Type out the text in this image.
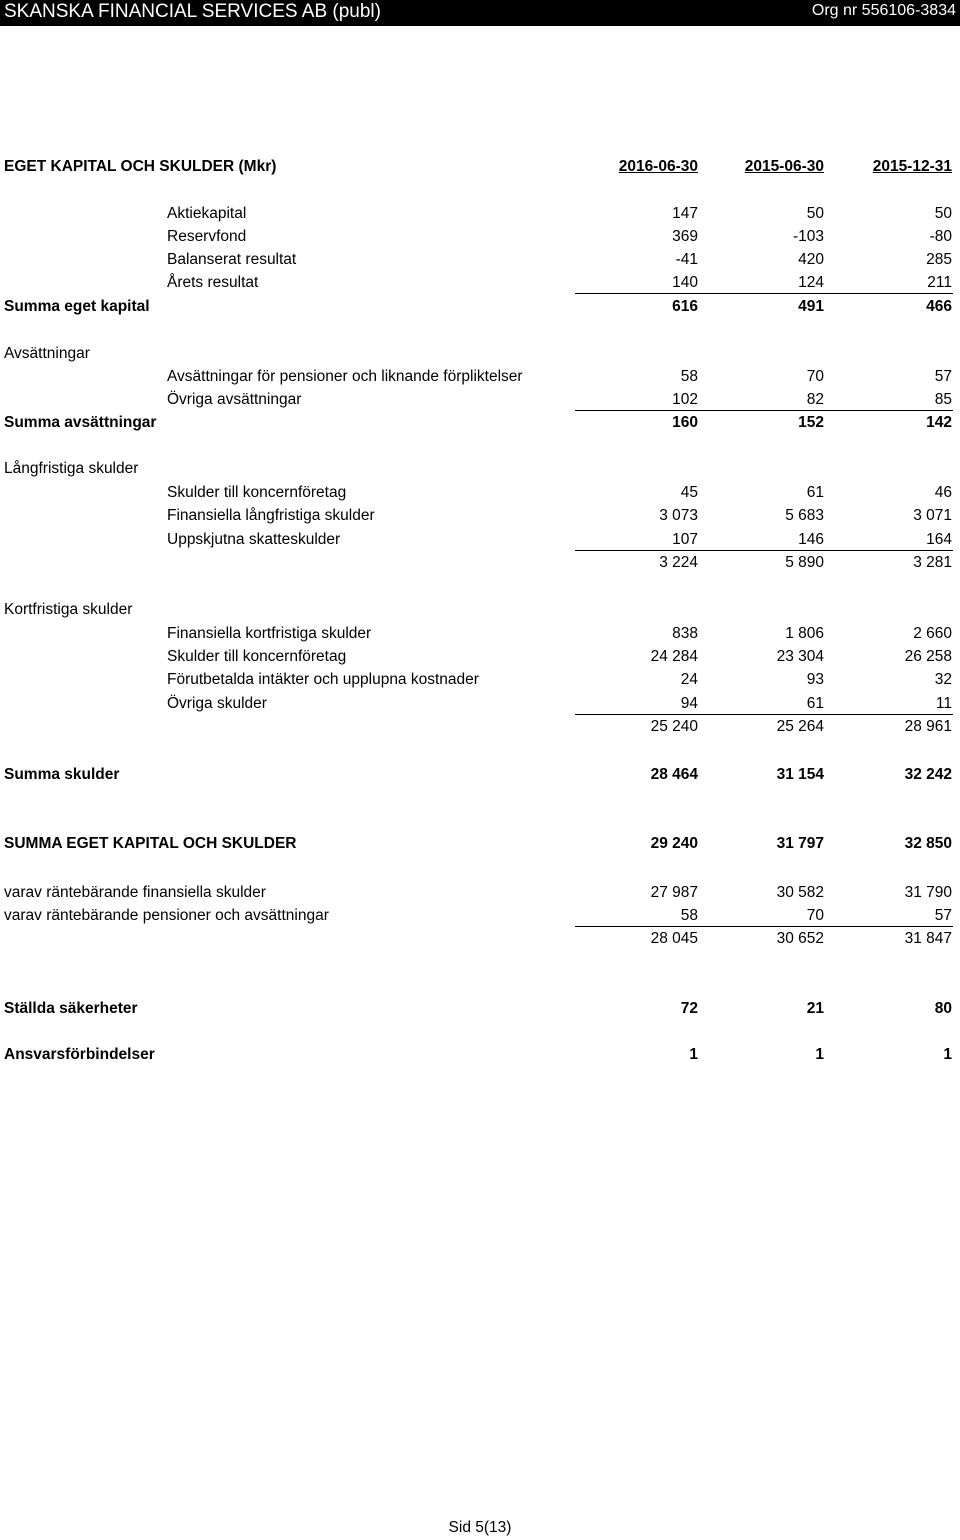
SKANSKA FINANCIAL SERVICES AB (publ)	Org nr 556106-3834
EGET KAPITAL OCH SKULDER (Mkr)	2016-06-30	2015-06-30	2015-12-31
Aktiekapital	147	50	50
Reservfond	369	-103	-80
Balanserat resultat	-41	420	285
Årets resultat	140	124	211
Summa eget kapital	616	491	466
Avsättningar
Avsättningar för pensioner och liknande förpliktelser	58	70	57
Övriga avsättningar	102	82	85
Summa avsättningar	160	152	142
Långfristiga skulder
Skulder till koncernföretag	45	61	46
Finansiella långfristiga skulder	3 073	5 683	3 071
Uppskjutna skatteskulder	107	146	164
3 224	5 890	3 281
Kortfristiga skulder
Finansiella kortfristiga skulder	838	1 806	2 660
Skulder till koncernföretag	24 284	23 304	26 258
Förutbetalda intäkter och upplupna kostnader	24	93	32
Övriga skulder	94	61	11
25 240	25 264	28 961
Summa skulder	28 464	31 154	32 242
SUMMA EGET KAPITAL OCH SKULDER	29 240	31 797	32 850
varav räntebärande finansiella skulder	27 987	30 582	31 790
varav räntebärande pensioner och avsättningar	58	70	57
28 045	30 652	31 847
Ställda säkerheter	72	21	80
Ansvarsförbindelser	1	1	1
Sid 5(13)
